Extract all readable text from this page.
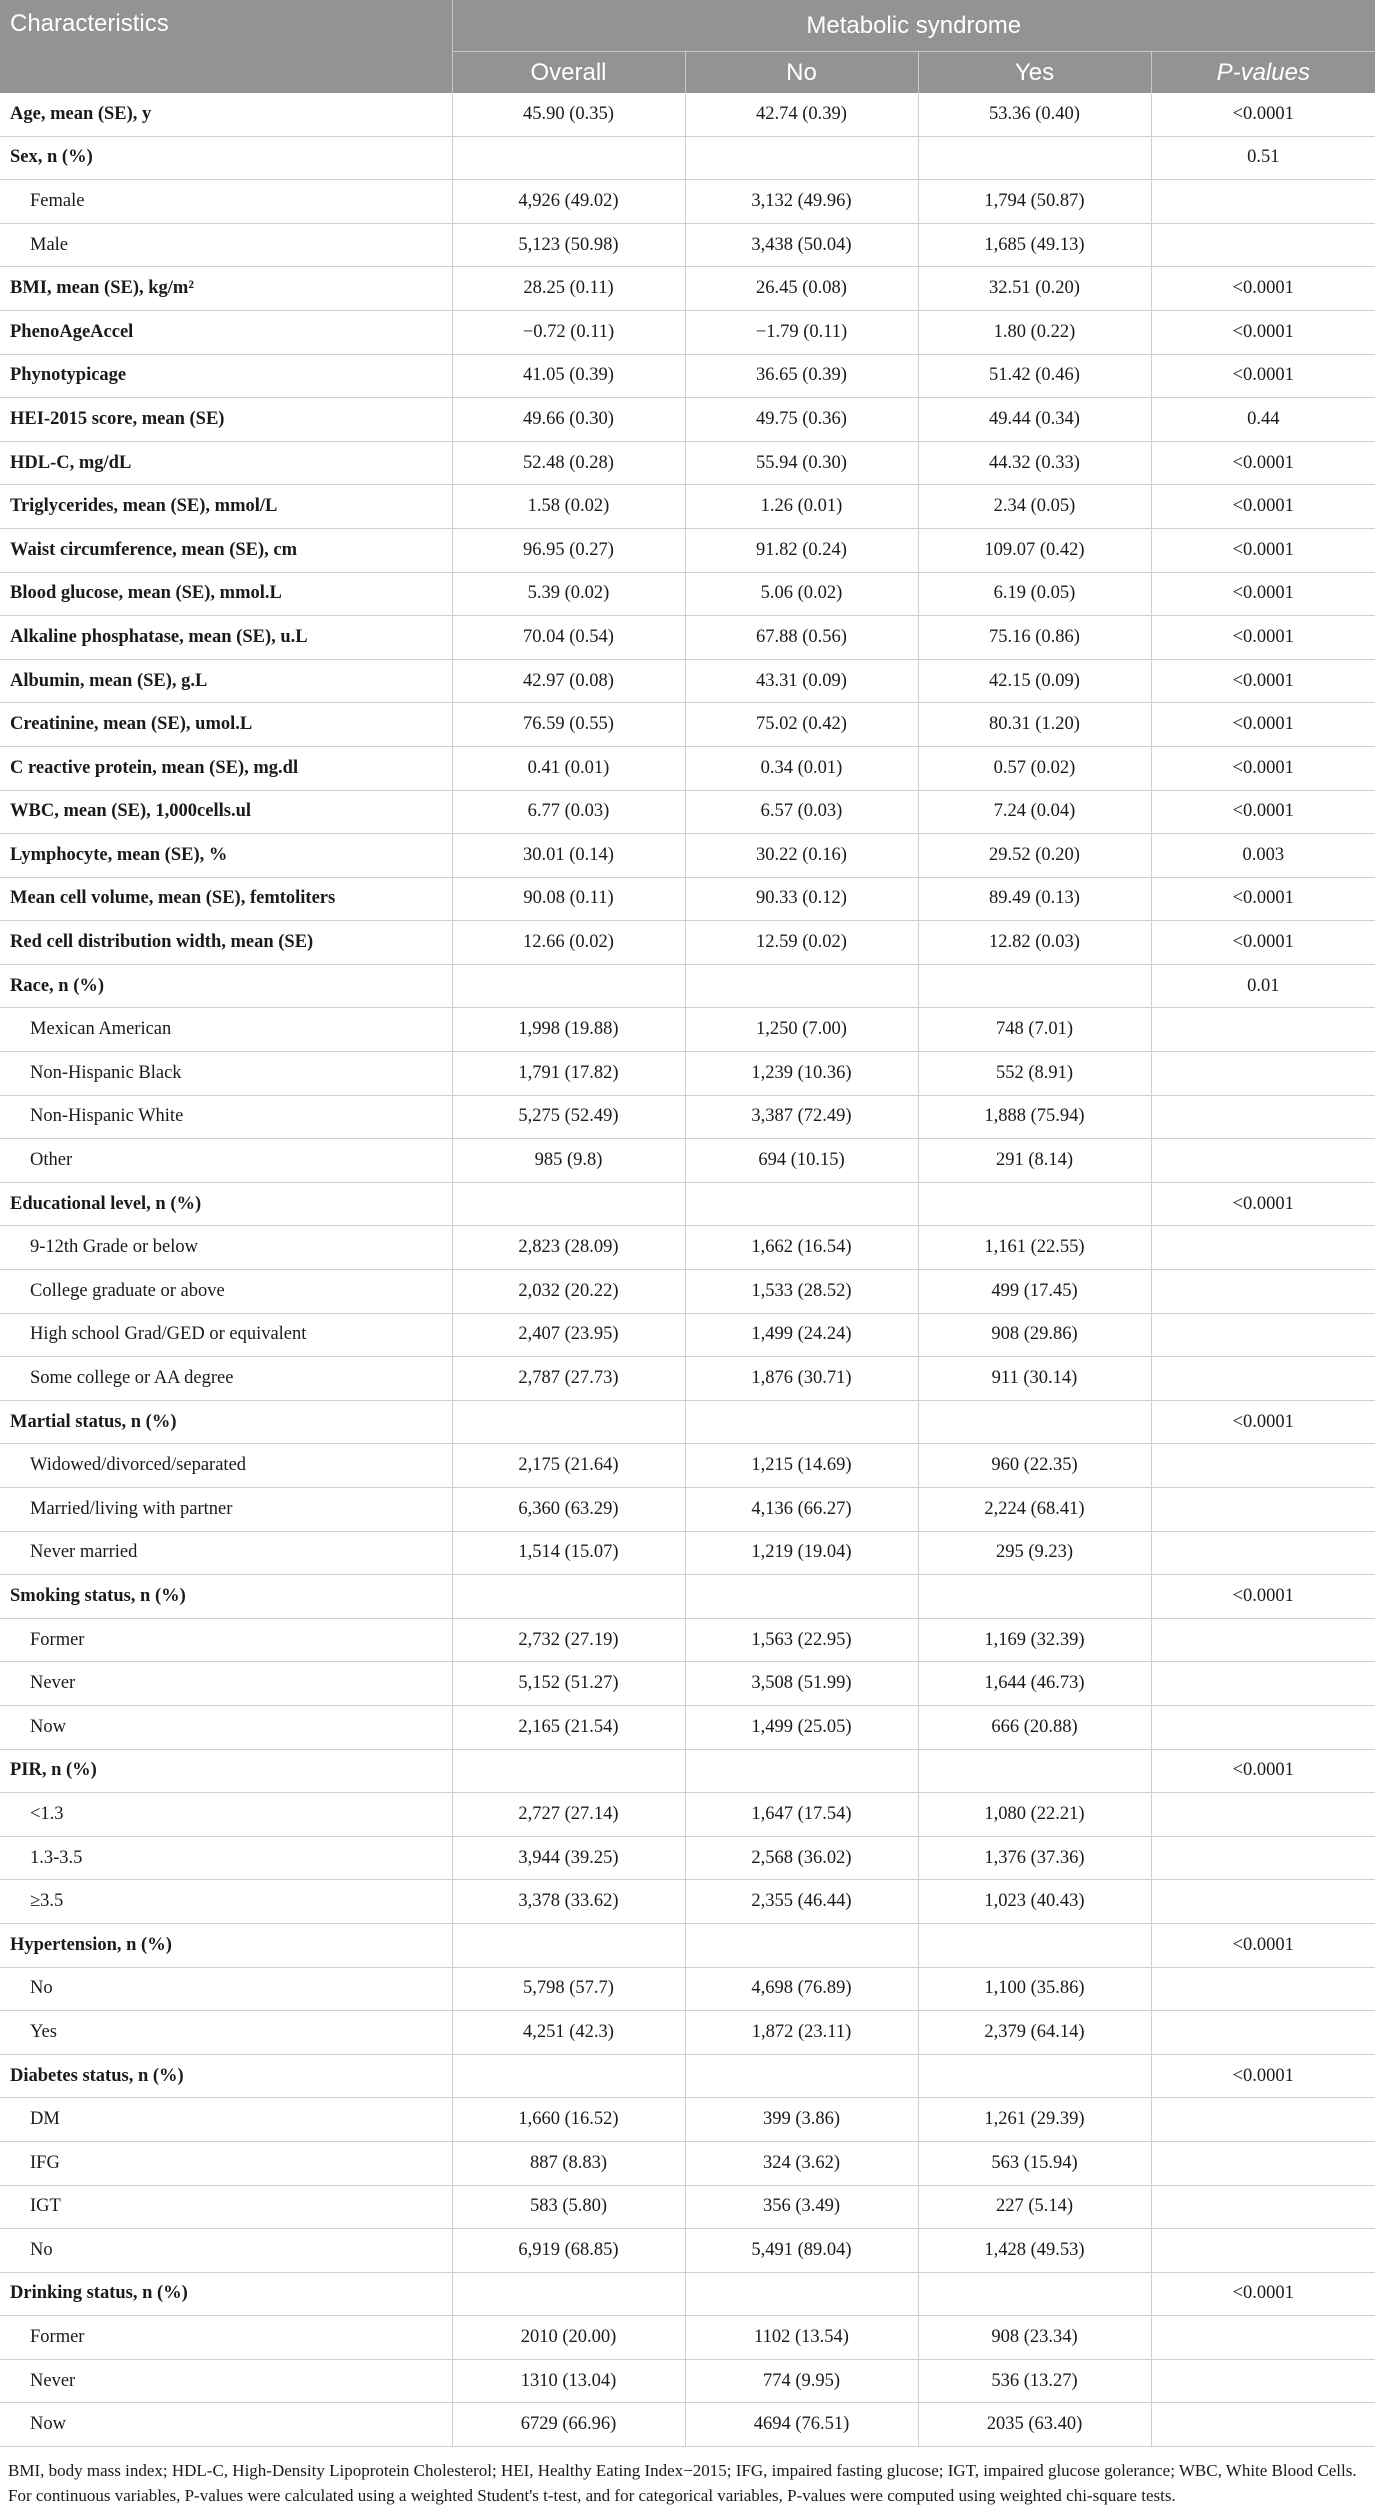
Characteristics	Metabolic syndrome			
	Overall	No	Yes	P-values
Age, mean (SE), y	45.90 (0.35)	42.74 (0.39)	53.36 (0.40)	<0.0001
Sex, n (%)				0.51
Female	4,926 (49.02)	3,132 (49.96)	1,794 (50.87)	
Male	5,123 (50.98)	3,438 (50.04)	1,685 (49.13)	
BMI, mean (SE), kg/m²	28.25 (0.11)	26.45 (0.08)	32.51 (0.20)	<0.0001
PhenoAgeAccel	−0.72 (0.11)	−1.79 (0.11)	1.80 (0.22)	<0.0001
Phynotypicage	41.05 (0.39)	36.65 (0.39)	51.42 (0.46)	<0.0001
HEI-2015 score, mean (SE)	49.66 (0.30)	49.75 (0.36)	49.44 (0.34)	0.44
HDL-C, mg/dL	52.48 (0.28)	55.94 (0.30)	44.32 (0.33)	<0.0001
Triglycerides, mean (SE), mmol/L	1.58 (0.02)	1.26 (0.01)	2.34 (0.05)	<0.0001
Waist circumference, mean (SE), cm	96.95 (0.27)	91.82 (0.24)	109.07 (0.42)	<0.0001
Blood glucose, mean (SE), mmol.L	5.39 (0.02)	5.06 (0.02)	6.19 (0.05)	<0.0001
Alkaline phosphatase, mean (SE), u.L	70.04 (0.54)	67.88 (0.56)	75.16 (0.86)	<0.0001
Albumin, mean (SE), g.L	42.97 (0.08)	43.31 (0.09)	42.15 (0.09)	<0.0001
Creatinine, mean (SE), umol.L	76.59 (0.55)	75.02 (0.42)	80.31 (1.20)	<0.0001
C reactive protein, mean (SE), mg.dl	0.41 (0.01)	0.34 (0.01)	0.57 (0.02)	<0.0001
WBC, mean (SE), 1,000cells.ul	6.77 (0.03)	6.57 (0.03)	7.24 (0.04)	<0.0001
Lymphocyte, mean (SE), %	30.01 (0.14)	30.22 (0.16)	29.52 (0.20)	0.003
Mean cell volume, mean (SE), femtoliters	90.08 (0.11)	90.33 (0.12)	89.49 (0.13)	<0.0001
Red cell distribution width, mean (SE)	12.66 (0.02)	12.59 (0.02)	12.82 (0.03)	<0.0001
Race, n (%)				0.01
Mexican American	1,998 (19.88)	1,250 (7.00)	748 (7.01)	
Non-Hispanic Black	1,791 (17.82)	1,239 (10.36)	552 (8.91)	
Non-Hispanic White	5,275 (52.49)	3,387 (72.49)	1,888 (75.94)	
Other	985 (9.8)	694 (10.15)	291 (8.14)	
Educational level, n (%)				<0.0001
9-12th Grade or below	2,823 (28.09)	1,662 (16.54)	1,161 (22.55)	
College graduate or above	2,032 (20.22)	1,533 (28.52)	499 (17.45)	
High school Grad/GED or equivalent	2,407 (23.95)	1,499 (24.24)	908 (29.86)	
Some college or AA degree	2,787 (27.73)	1,876 (30.71)	911 (30.14)	
Martial status, n (%)				<0.0001
Widowed/divorced/separated	2,175 (21.64)	1,215 (14.69)	960 (22.35)	
Married/living with partner	6,360 (63.29)	4,136 (66.27)	2,224 (68.41)	
Never married	1,514 (15.07)	1,219 (19.04)	295 (9.23)	
Smoking status, n (%)				<0.0001
Former	2,732 (27.19)	1,563 (22.95)	1,169 (32.39)	
Never	5,152 (51.27)	3,508 (51.99)	1,644 (46.73)	
Now	2,165 (21.54)	1,499 (25.05)	666 (20.88)	
PIR, n (%)				<0.0001
<1.3	2,727 (27.14)	1,647 (17.54)	1,080 (22.21)	
1.3-3.5	3,944 (39.25)	2,568 (36.02)	1,376 (37.36)	
≥3.5	3,378 (33.62)	2,355 (46.44)	1,023 (40.43)	
Hypertension, n (%)				<0.0001
No	5,798 (57.7)	4,698 (76.89)	1,100 (35.86)	
Yes	4,251 (42.3)	1,872 (23.11)	2,379 (64.14)	
Diabetes status, n (%)				<0.0001
DM	1,660 (16.52)	399 (3.86)	1,261 (29.39)	
IFG	887 (8.83)	324 (3.62)	563 (15.94)	
IGT	583 (5.80)	356 (3.49)	227 (5.14)	
No	6,919 (68.85)	5,491 (89.04)	1,428 (49.53)	
Drinking status, n (%)				<0.0001
Former	2010 (20.00)	1102 (13.54)	908 (23.34)	
Never	1310 (13.04)	774 (9.95)	536 (13.27)	
Now	6729 (66.96)	4694 (76.51)	2035 (63.40)	

BMI, body mass index; HDL-C, High-Density Lipoprotein Cholesterol; HEI, Healthy Eating Index−2015; IFG, impaired fasting glucose; IGT, impaired glucose golerance; WBC, White Blood Cells.

For continuous variables, P-values were calculated using a weighted Student's t-test, and for categorical variables, P-values were computed using weighted chi-square tests.
